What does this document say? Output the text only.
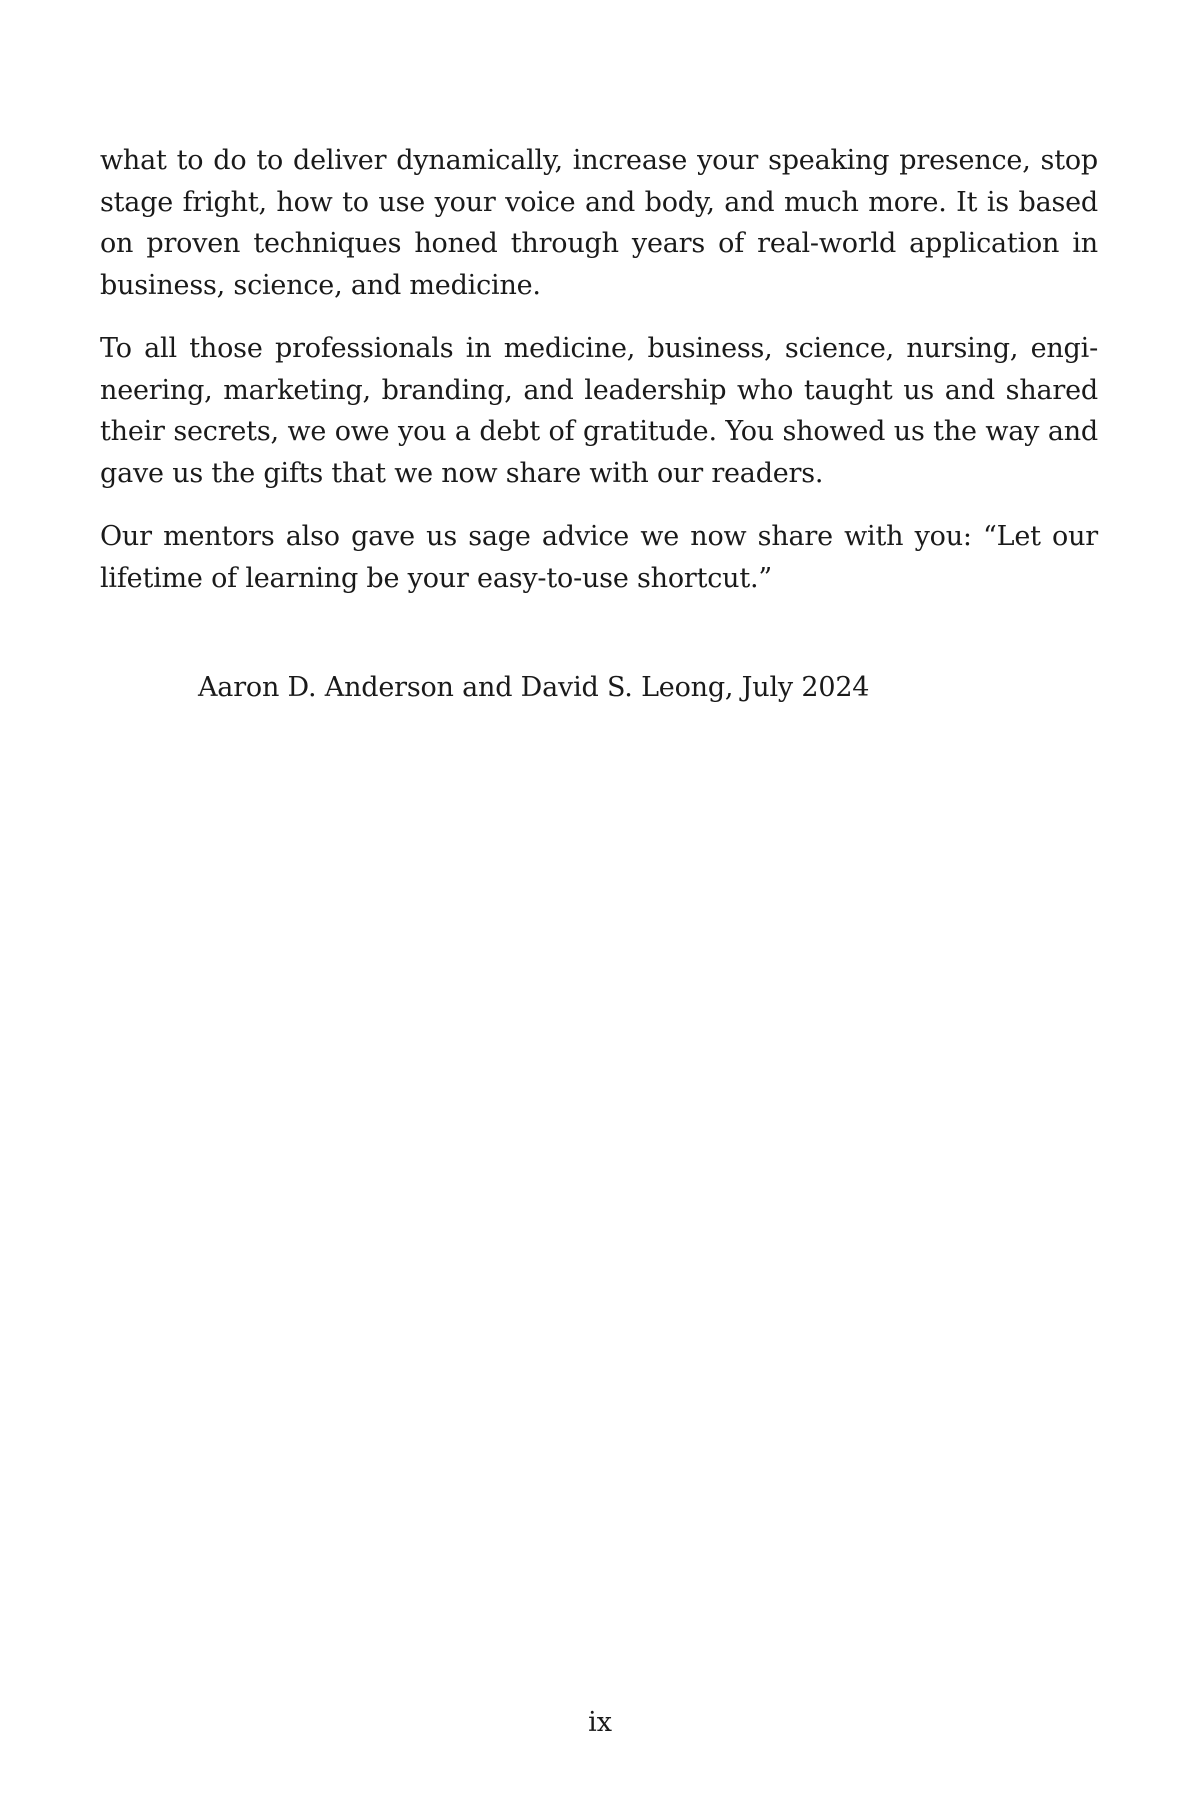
what to do to deliver dynamically, increase your speaking presence, stop
stage fright, how to use your voice and body, and much more. It is based
on proven techniques honed through years of real-world application in
business, science, and medicine.

To all those professionals in medicine, business, science, nursing, engi-
neering, marketing, branding, and leadership who taught us and shared
their secrets, we owe you a debt of gratitude. You showed us the way and
gave us the gifts that we now share with our readers.

Our mentors also gave us sage advice we now share with you: “Let our
lifetime of learning be your easy-to-use shortcut.”

Aaron D. Anderson and David S. Leong, July 2024
ix
